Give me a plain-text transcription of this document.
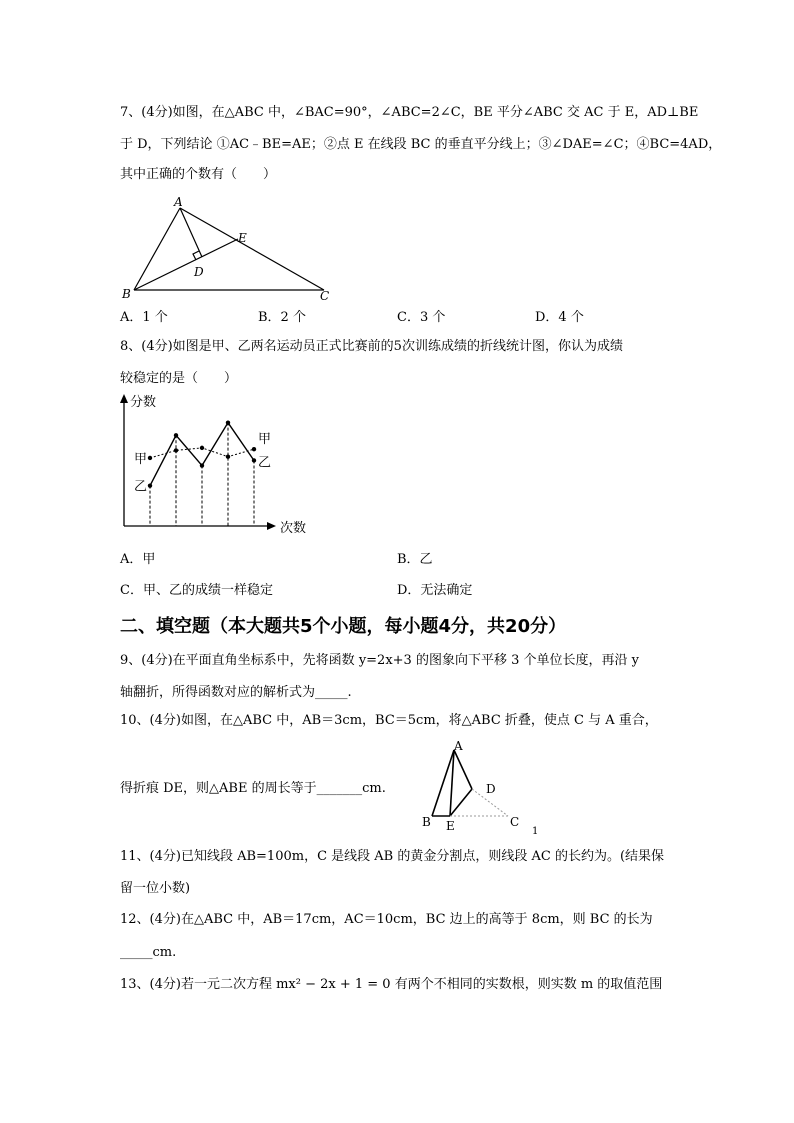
7、(4分)如图，在△ABC 中，∠BAC=90°，∠ABC=2∠C，BE 平分∠ABC 交 AC 于 E，AD⊥BE
于 D，下列结论 ①AC﹣BE=AE；②点 E 在线段 BC 的垂直平分线上；③∠DAE=∠C；④BC=4AD，
其中正确的个数有（　　）
A
B	C
D
E
A．1 个	B．2 个	C．3 个	D．4 个
8、(4分)如图是甲、乙两名运动员正式比赛前的5次训练成绩的折线统计图，你认为成绩
较稳定的是（　　）
分数
次数
甲
甲
乙
乙
A．甲	B．乙
C．甲、乙的成绩一样稳定	D．无法确定
二、填空题（本大题共5个小题，每小题4分，共20分）
9、(4分)在平面直角坐标系中，先将函数 y=2x+3 的图象向下平移 3 个单位长度，再沿 y
轴翻折，所得函数对应的解析式为_____.
10、(4分)如图，在△ABC 中，AB＝3cm，BC＝5cm，将△ABC 折叠，使点 C 与 A 重合，
得折痕 DE，则△ABE 的周长等于_______cm.
A
B E
D
C
1
11、(4分)已知线段 AB=100m，C 是线段 AB 的黄金分割点，则线段 AC 的长约为。(结果保
留一位小数)
12、(4分)在△ABC 中，AB＝17cm，AC＝10cm，BC 边上的高等于 8cm，则 BC 的长为
_____cm.
13、(4分)若一元二次方程 mx² − 2x + 1 = 0 有两个不相同的实数根，则实数 m 的取值范围
